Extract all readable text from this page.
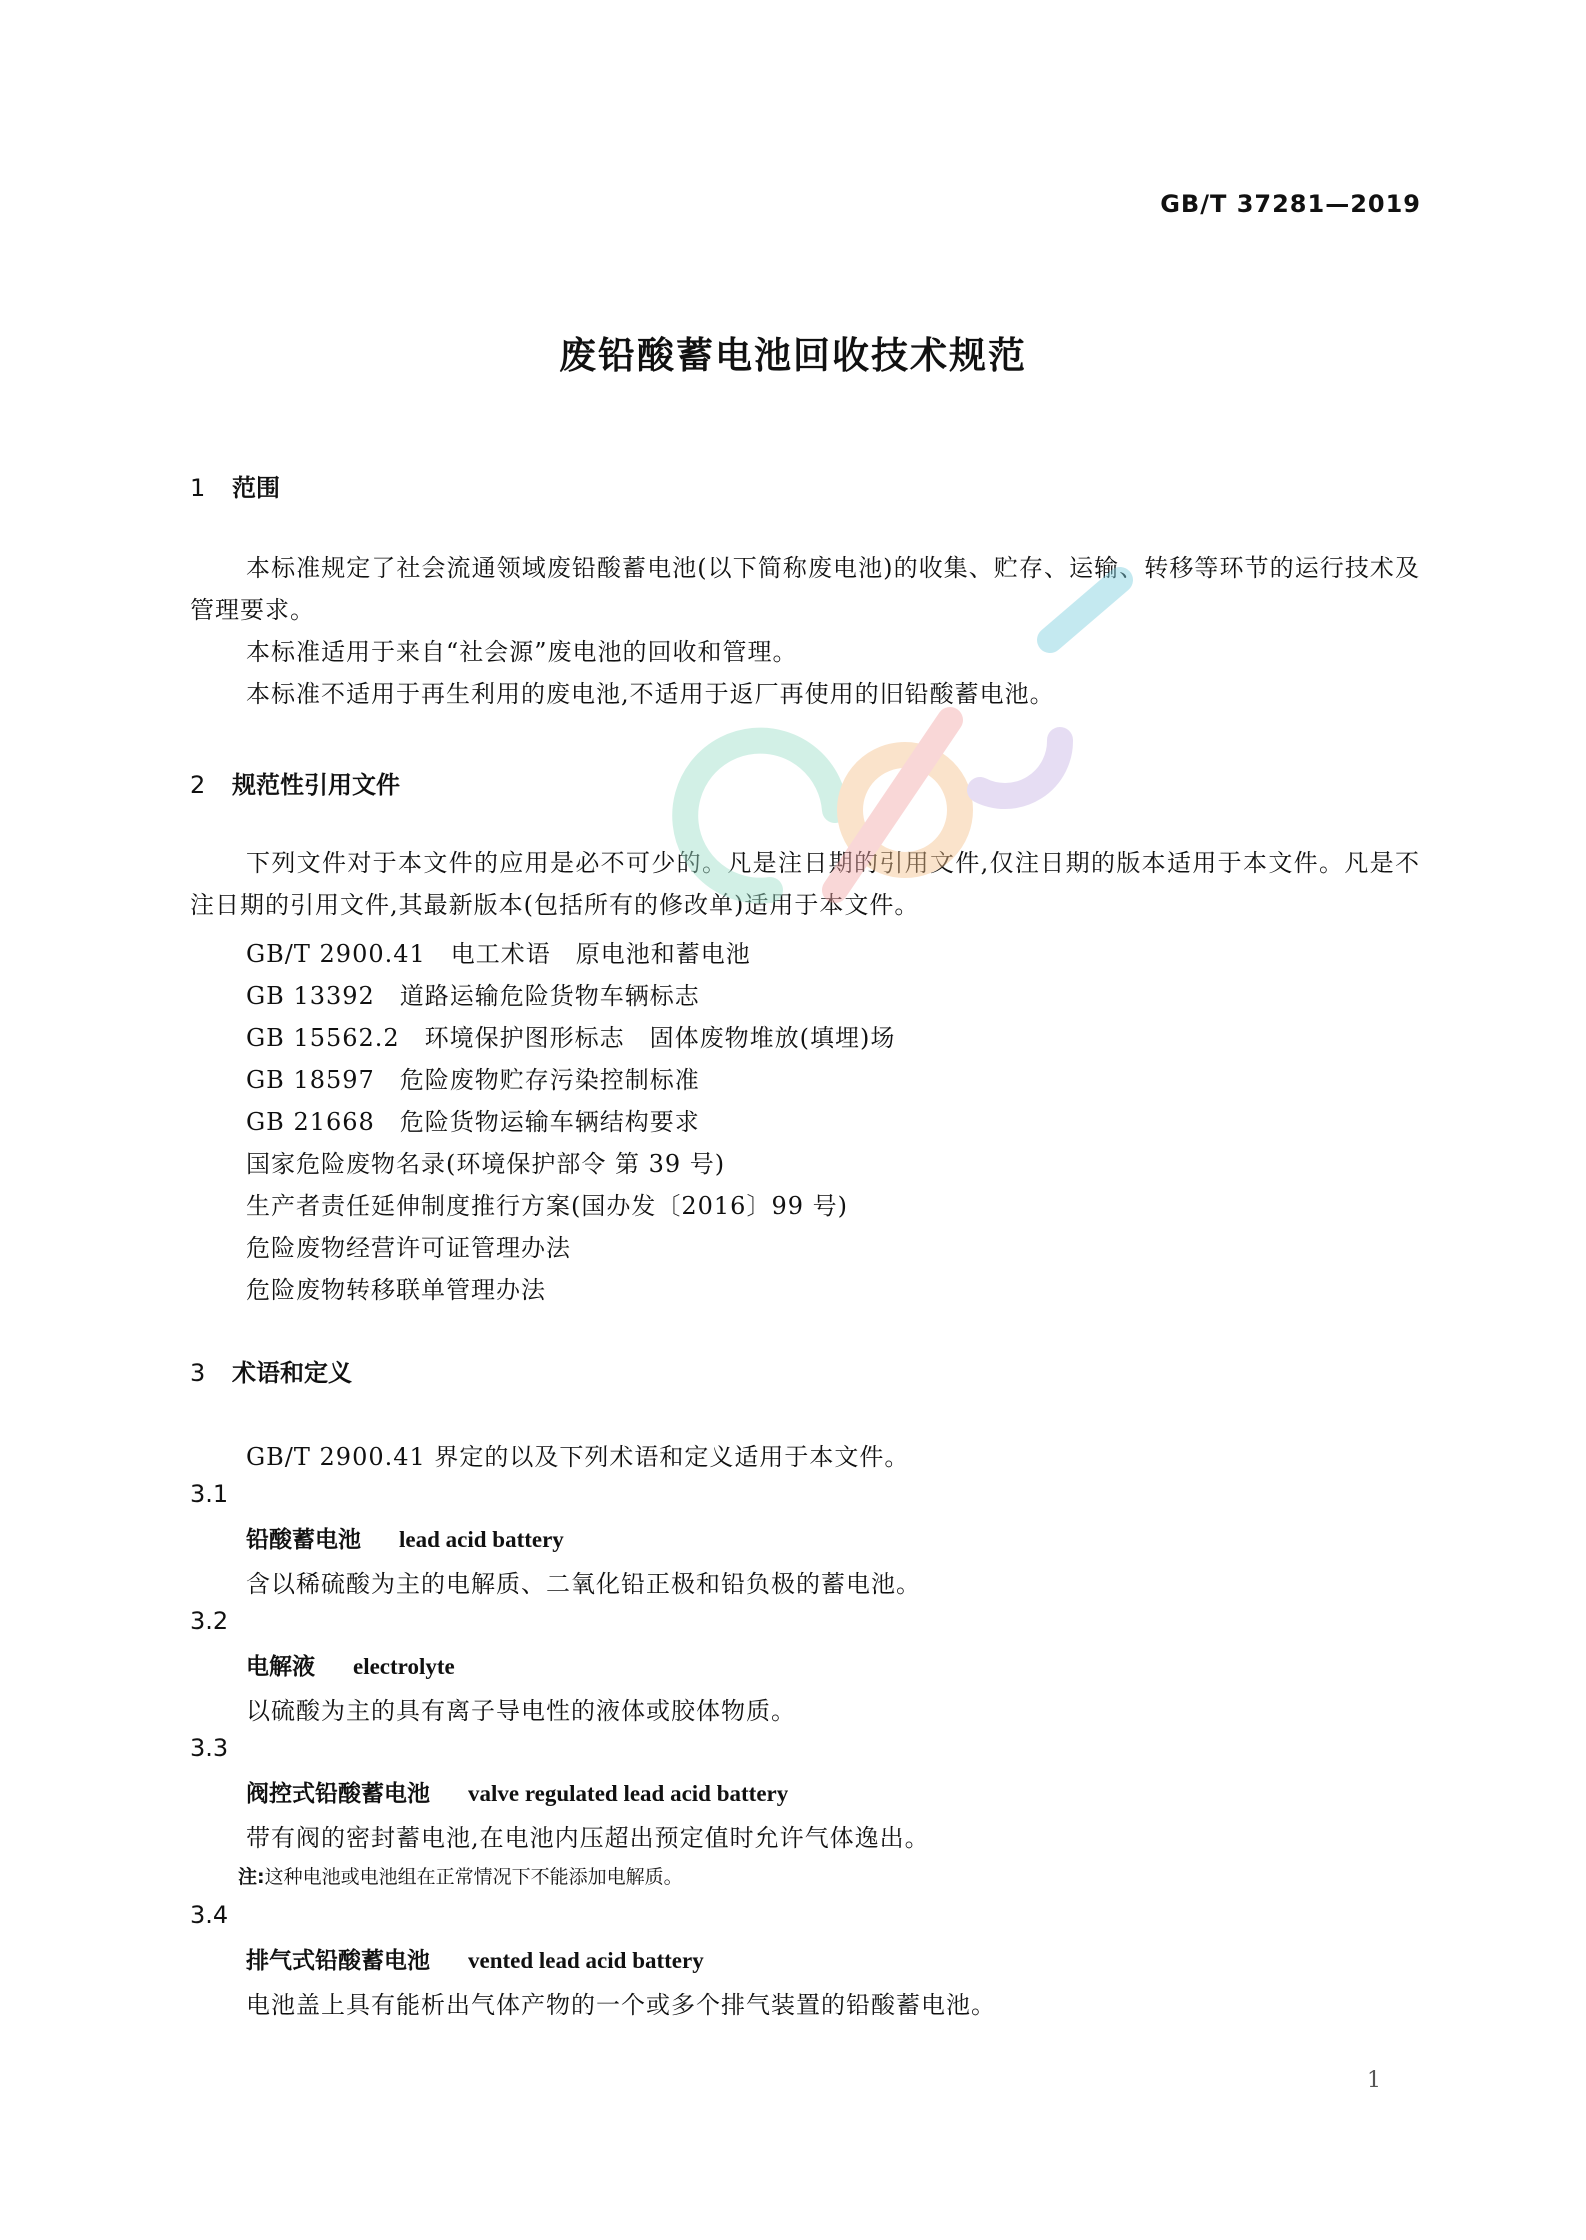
GB/T 37281—2019
废铅酸蓄电池回收技术规范
1 范围
本标准规定了社会流通领域废铅酸蓄电池(以下简称废电池)的收集、贮存、运输、转移等环节的运行技术及管理要求。
本标准适用于来自“社会源”废电池的回收和管理。
本标准不适用于再生利用的废电池,不适用于返厂再使用的旧铅酸蓄电池。
2 规范性引用文件
下列文件对于本文件的应用是必不可少的。凡是注日期的引用文件,仅注日期的版本适用于本文件。凡是不注日期的引用文件,其最新版本(包括所有的修改单)适用于本文件。
GB/T 2900.41　电工术语　原电池和蓄电池
GB 13392　道路运输危险货物车辆标志
GB 15562.2　环境保护图形标志　固体废物堆放(填埋)场
GB 18597　危险废物贮存污染控制标准
GB 21668　危险货物运输车辆结构要求
国家危险废物名录(环境保护部令 第 39 号)
生产者责任延伸制度推行方案(国办发〔2016〕99 号)
危险废物经营许可证管理办法
危险废物转移联单管理办法
3 术语和定义
GB/T 2900.41 界定的以及下列术语和定义适用于本文件。
3.1
铅酸蓄电池 lead acid battery
含以稀硫酸为主的电解质、二氧化铅正极和铅负极的蓄电池。
3.2
电解液 electrolyte
以硫酸为主的具有离子导电性的液体或胶体物质。
3.3
阀控式铅酸蓄电池 valve regulated lead acid battery
带有阀的密封蓄电池,在电池内压超出预定值时允许气体逸出。
注:这种电池或电池组在正常情况下不能添加电解质。
3.4
排气式铅酸蓄电池 vented lead acid battery
电池盖上具有能析出气体产物的一个或多个排气装置的铅酸蓄电池。
1
